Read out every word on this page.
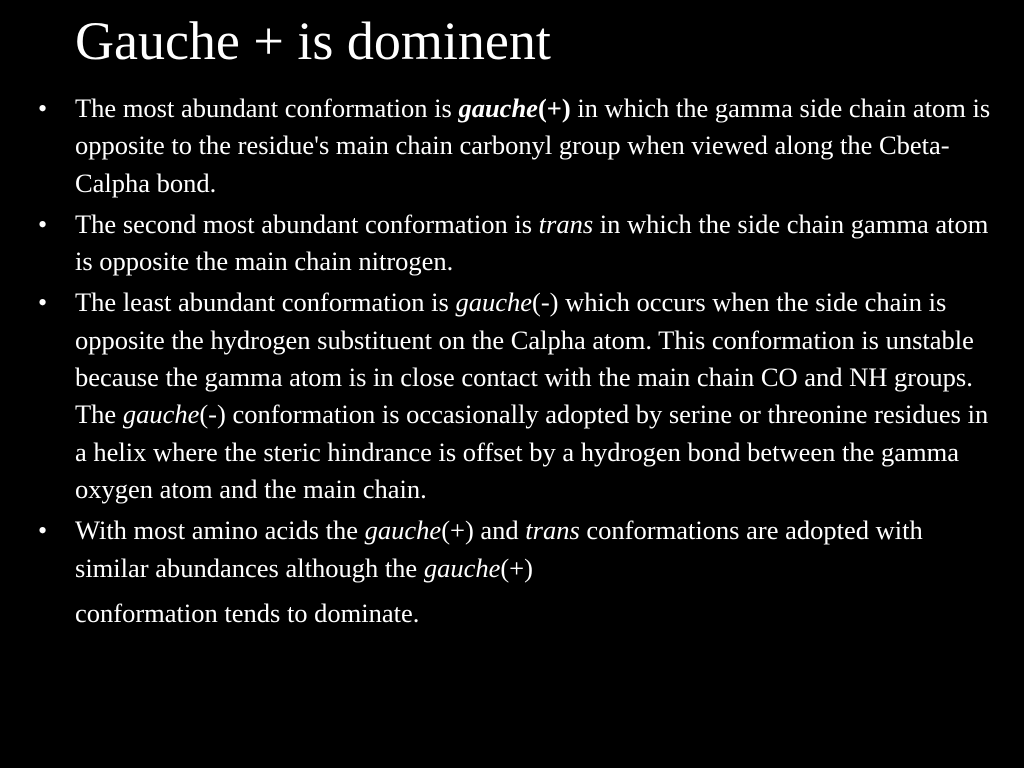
Gauche + is dominent
• The most abundant conformation is gauche(+) in which the gamma side chain atom is opposite to the residue's main chain carbonyl group when viewed along the Cbeta-Calpha bond.
• The second most abundant conformation is trans in which the side chain gamma atom is opposite the main chain nitrogen.
• The least abundant conformation is gauche(-) which occurs when the side chain is opposite the hydrogen substituent on the Calpha atom. This conformation is unstable because the gamma atom is in close contact with the main chain CO and NH groups. The gauche(-) conformation is occasionally adopted by serine or threonine residues in a helix where the steric hindrance is offset by a hydrogen bond between the gamma oxygen atom and the main chain.
• With most amino acids the gauche(+) and trans conformations are adopted with similar abundances although the gauche(+)
conformation tends to dominate.
